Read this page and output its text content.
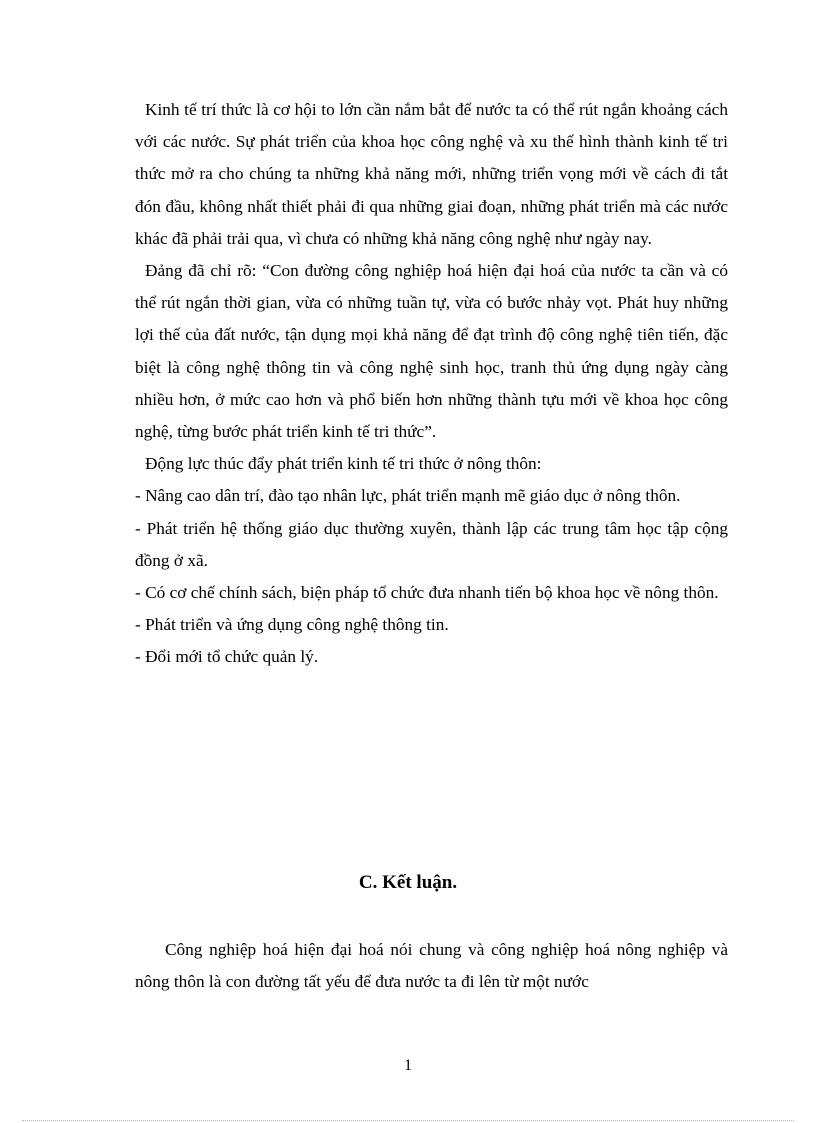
Kinh tế trí thức là cơ hội to lớn cần nắm bắt để nước ta có thể rút ngắn khoảng cách với các nước. Sự phát triển của khoa học công nghệ và xu thế hình thành kinh tế tri thức mở ra cho chúng ta những khả năng mới, những triển vọng mới về cách đi tắt đón đầu, không nhất thiết phải đi qua những giai đoạn, những phát triển mà các nước khác đã phải trải qua, vì chưa có những khả năng công nghệ như ngày nay.

Đảng đã chỉ rõ: “Con đường công nghiệp hoá hiện đại hoá của nước ta cần và có thể rút ngắn thời gian, vừa có những tuần tự, vừa có bước nhảy vọt. Phát huy những lợi thế của đất nước, tận dụng mọi khả năng để đạt trình độ công nghệ tiên tiến, đặc biệt là công nghệ thông tin và công nghệ sinh học, tranh thủ ứng dụng ngày càng nhiều hơn, ở mức cao hơn và phổ biến hơn những thành tựu mới về khoa học công nghệ, từng bước phát triển kinh tế tri thức”.

Động lực thúc đẩy phát triển kinh tế tri thức ở nông thôn:

- Nâng cao dân trí, đào tạo nhân lực, phát triển mạnh mẽ giáo dục ở nông thôn.

- Phát triển hệ thống giáo dục thường xuyên, thành lập các trung tâm học tập cộng đồng ở xã.

- Có cơ chế chính sách, biện pháp tổ chức đưa nhanh tiến bộ khoa học về nông thôn.

- Phát triển và ứng dụng công nghệ thông tin.

- Đổi mới tổ chức quản lý.

C. Kết luận.

Công nghiệp hoá hiện đại hoá nói chung và công nghiệp hoá nông nghiệp và nông thôn là con đường tất yếu để đưa nước ta đi lên từ một nước

1
